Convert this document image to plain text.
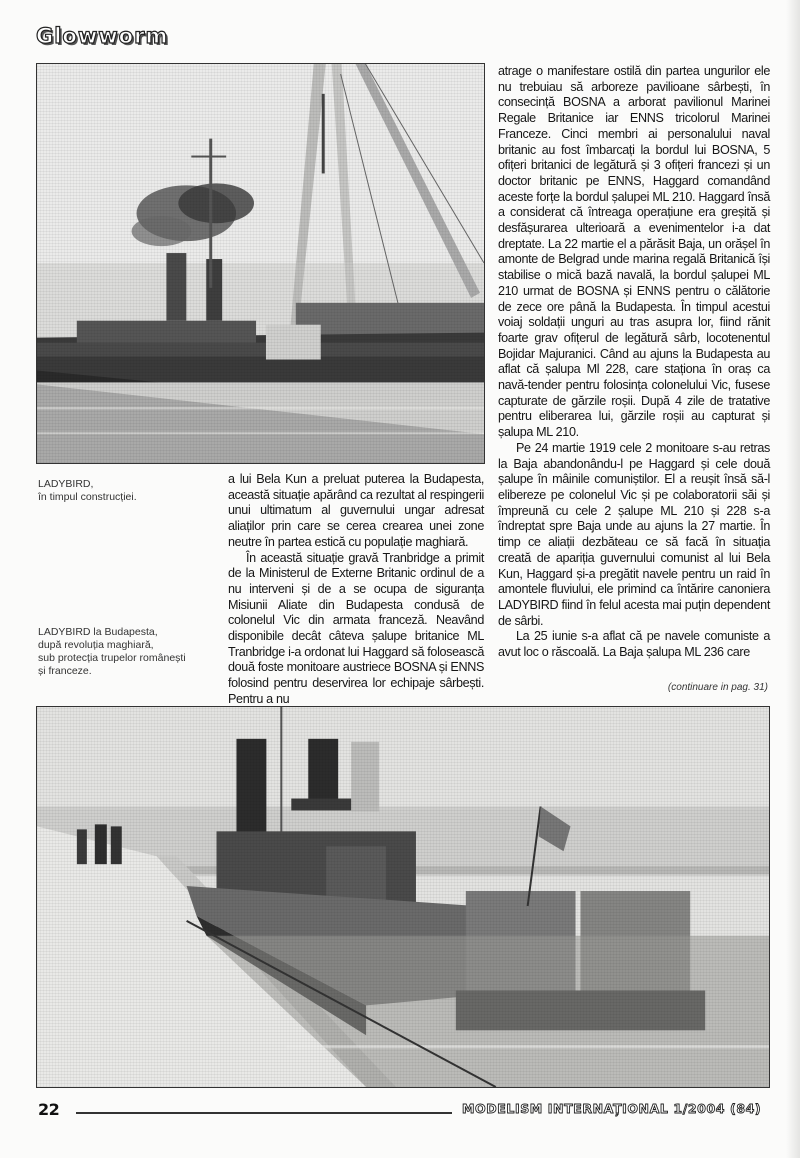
Glowworm
LADYBIRD,
în timpul construcției.
LADYBIRD la Budapesta,
după revoluția maghiară,
sub protecția trupelor românești
și franceze.

a lui Bela Kun a preluat puterea la Budapesta, această situație apărând ca rezultat al respingerii unui ultimatum al guvernului ungar adresat aliaților prin care se cerea crearea unei zone neutre în partea estică cu populație maghiară.

În această situație gravă Tranbridge a primit de la Ministerul de Externe Britanic ordinul de a nu interveni și de a se ocupa de siguranța Misiunii Aliate din Budapesta condusă de colonelul Vic din armata franceză. Neavând disponibile decât câteva șalupe britanice ML Tranbridge i-a ordonat lui Haggard să folosească două foste monitoare austriece BOSNA și ENNS folosind pentru deservirea lor echipaje sârbești. Pentru a nu

atrage o manifestare ostilă din partea ungurilor ele nu trebuiau să arboreze pavilioane sârbești, în consecință BOSNA a arborat pavilionul Marinei Regale Britanice iar ENNS tricolorul Marinei Franceze. Cinci membri ai personalului naval britanic au fost îmbarcați la bordul lui BOSNA, 5 ofițeri britanici de legătură și 3 ofițeri francezi și un doctor britanic pe ENNS, Haggard comandând aceste forțe la bordul șalupei ML 210. Haggard însă a considerat că întreaga operațiune era greșită și desfășurarea ulterioară a evenimentelor i-a dat dreptate. La 22 martie el a părăsit Baja, un orășel în amonte de Belgrad unde marina regală Britanică își stabilise o mică bază navală, la bordul șalupei ML 210 urmat de BOSNA și ENNS pentru o călătorie de zece ore până la Budapesta. În timpul acestui voiaj soldații unguri au tras asupra lor, fiind rănit foarte grav ofițerul de legătură sârb, locotenentul Bojidar Majuranici. Când au ajuns la Budapesta au aflat că șalupa Ml 228, care staționa în oraș ca navă-tender pentru folosința colonelului Vic, fusese capturate de gărzile roșii. După 4 zile de tratative pentru eliberarea lui, gărzile roșii au capturat și șalupa ML 210.

Pe 24 martie 1919 cele 2 monitoare s-au retras la Baja abandonându-l pe Haggard și cele două șalupe în mâinile comuniștilor. El a reușit însă să-l elibereze pe colonelul Vic și pe colaboratorii săi și împreună cu cele 2 șalupe ML 210 și 228 s-a îndreptat spre Baja unde au ajuns la 27 martie. În timp ce aliații dezbăteau ce să facă în situația creată de apariția guvernului comunist al lui Bela Kun, Haggard și-a pregătit navele pentru un raid în amontele fluviului, ele primind ca întărire canoniera LADYBIRD fiind în felul acesta mai puțin dependent de sârbi.

La 25 iunie s-a aflat că pe navele comuniste a avut loc o răscoală. La Baja șalupa ML 236 care

(continuare in pag. 31)
22	MODELISM INTERNAȚIONAL 1/2004 (84)
